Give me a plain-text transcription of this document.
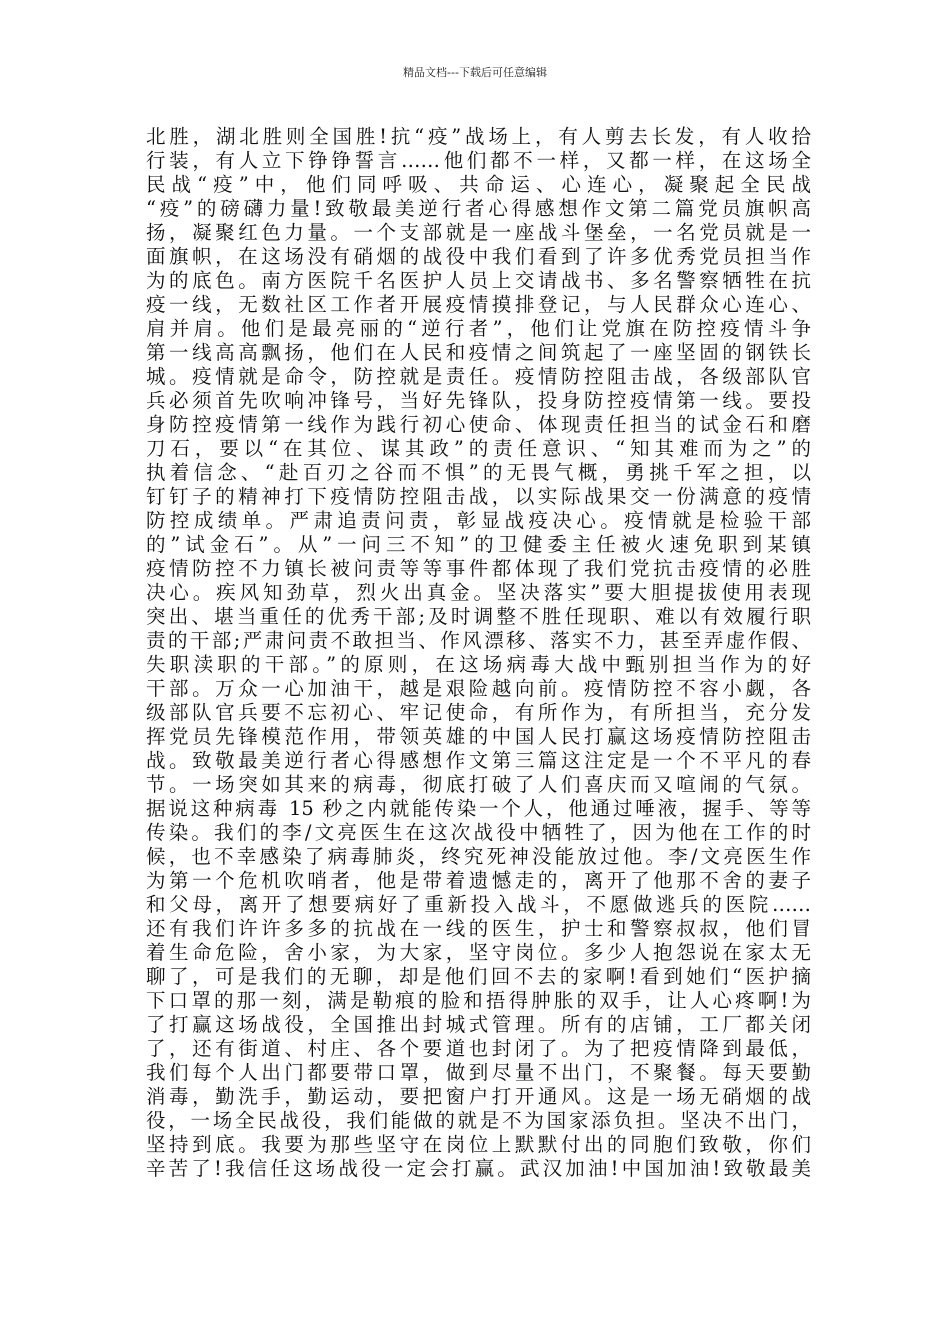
精品文档---下载后可任意编辑
北胜，湖北胜则全国胜!抗“疫”战场上，有人剪去长发，有人收拾
行装，有人立下铮铮誓言……他们都不一样，又都一样，在这场全
民战“疫”中，他们同呼吸、共命运、心连心，凝聚起全民战
“疫”的磅礴力量!致敬最美逆行者心得感想作文第二篇党员旗帜高
扬，凝聚红色力量。一个支部就是一座战斗堡垒，一名党员就是一
面旗帜，在这场没有硝烟的战役中我们看到了许多优秀党员担当作
为的底色。南方医院千名医护人员上交请战书、多名警察牺牲在抗
疫一线，无数社区工作者开展疫情摸排登记，与人民群众心连心、
肩并肩。他们是最亮丽的“逆行者”，他们让党旗在防控疫情斗争
第一线高高飘扬，他们在人民和疫情之间筑起了一座坚固的钢铁长
城。疫情就是命令，防控就是责任。疫情防控阻击战，各级部队官
兵必须首先吹响冲锋号，当好先锋队，投身防控疫情第一线。要投
身防控疫情第一线作为践行初心使命、体现责任担当的试金石和磨
刀石，要以“在其位、谋其政”的责任意识、“知其难而为之”的
执着信念、“赴百刃之谷而不惧”的无畏气概，勇挑千军之担，以
钉钉子的精神打下疫情防控阻击战，以实际战果交一份满意的疫情
防控成绩单。严肃追责问责，彰显战疫决心。疫情就是检验干部
的”试金石”。从”一问三不知”的卫健委主任被火速免职到某镇
疫情防控不力镇长被问责等等事件都体现了我们党抗击疫情的必胜
决心。疾风知劲草，烈火出真金。坚决落实”要大胆提拔使用表现
突出、堪当重任的优秀干部;及时调整不胜任现职、难以有效履行职
责的干部;严肃问责不敢担当、作风漂移、落实不力，甚至弄虚作假、
失职渎职的干部。”的原则，在这场病毒大战中甄别担当作为的好
干部。万众一心加油干，越是艰险越向前。疫情防控不容小觑，各
级部队官兵要不忘初心、牢记使命，有所作为，有所担当，充分发
挥党员先锋模范作用，带领英雄的中国人民打赢这场疫情防控阻击
战。致敬最美逆行者心得感想作文第三篇这注定是一个不平凡的春
节。一场突如其来的病毒，彻底打破了人们喜庆而又喧闹的气氛。
据说这种病毒 15 秒之内就能传染一个人，他通过唾液，握手、等等
传染。我们的李/文亮医生在这次战役中牺牲了，因为他在工作的时
候，也不幸感染了病毒肺炎，终究死神没能放过他。李/文亮医生作
为第一个危机吹哨者，他是带着遗憾走的，离开了他那不舍的妻子
和父母，离开了想要病好了重新投入战斗，不愿做逃兵的医院……
还有我们许许多多的抗战在一线的医生，护士和警察叔叔，他们冒
着生命危险，舍小家，为大家，坚守岗位。多少人抱怨说在家太无
聊了，可是我们的无聊，却是他们回不去的家啊!看到她们“医护摘
下口罩的那一刻，满是勒痕的脸和捂得肿胀的双手，让人心疼啊!为
了打赢这场战役，全国推出封城式管理。所有的店铺，工厂都关闭
了，还有街道、村庄、各个要道也封闭了。为了把疫情降到最低，
我们每个人出门都要带口罩，做到尽量不出门，不聚餐。每天要勤
消毒，勤洗手，勤运动，要把窗户打开通风。这是一场无硝烟的战
役，一场全民战役，我们能做的就是不为国家添负担。坚决不出门，
坚持到底。我要为那些坚守在岗位上默默付出的同胞们致敬，你们
辛苦了!我信任这场战役一定会打赢。武汉加油!中国加油!致敬最美
